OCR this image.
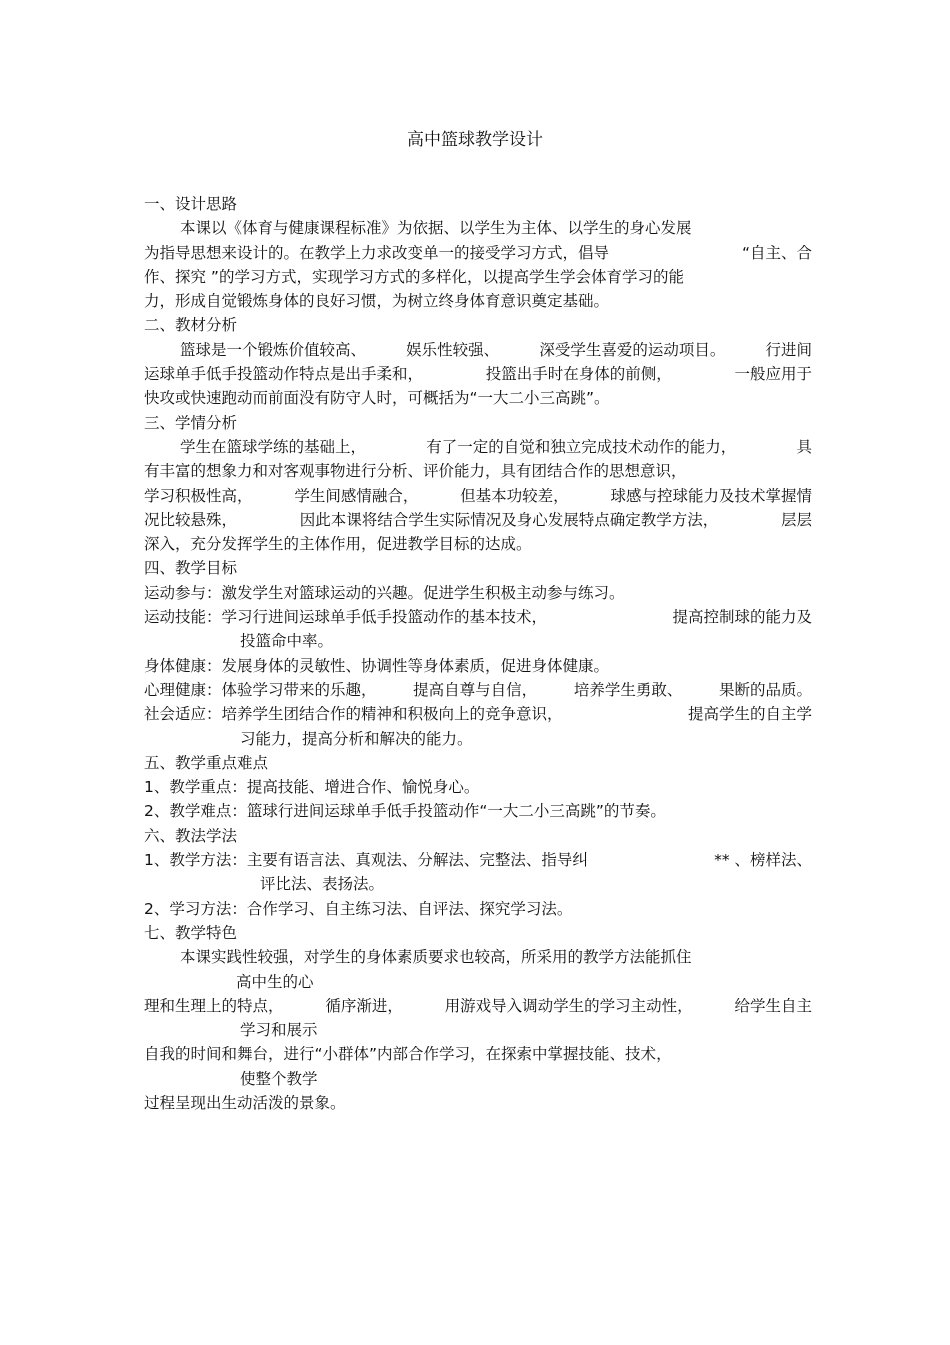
高中篮球教学设计
一、设计思路
本课以《体育与健康课程标准》为依据、以学生为主体、以学生的身心发展
为指导思想来设计的。在教学上力求改变单一的接受学习方式，倡导	“自主、合
作、探究 ”的学习方式，实现学习方式的多样化，以提高学生学会体育学习的能
力，形成自觉锻炼身体的良好习惯，为树立终身体育意识奠定基础。
二、教材分析
篮球是一个锻炼价值较高、	娱乐性较强、	深受学生喜爱的运动项目。	行进间
运球单手低手投篮动作特点是出手柔和，	投篮出手时在身体的前侧，	一般应用于
快攻或快速跑动而前面没有防守人时，可概括为“一大二小三高跳”。
三、学情分析
学生在篮球学练的基础上，	有了一定的自觉和独立完成技术动作的能力，	具
有丰富的想象力和对客观事物进行分析、评价能力，具有团结合作的思想意识，
学习积极性高，	学生间感情融合，	但基本功较差，	球感与控球能力及技术掌握情
况比较悬殊，	因此本课将结合学生实际情况及身心发展特点确定教学方法，	层层
深入，充分发挥学生的主体作用，促进教学目标的达成。
四、教学目标
运动参与：激发学生对篮球运动的兴趣。促进学生积极主动参与练习。
运动技能：学习行进间运球单手低手投篮动作的基本技术，	提高控制球的能力及
投篮命中率。
身体健康：发展身体的灵敏性、协调性等身体素质，促进身体健康。
心理健康：体验学习带来的乐趣， 提高自尊与自信， 培养学生勇敢、 果断的品质。
社会适应：培养学生团结合作的精神和积极向上的竞争意识，	提高学生的自主学
习能力，提高分析和解决的能力。
五、教学重点难点
1、教学重点：提高技能、增进合作、愉悦身心。
2、教学难点：篮球行进间运球单手低手投篮动作“一大二小三高跳”的节奏。
六、教法学法
1、教学方法：主要有语言法、真观法、分解法、完整法、指导纠	** 、榜样法、
评比法、表扬法。
2、学习方法：合作学习、自主练习法、自评法、探究学习法。
七、教学特色
本课实践性较强，对学生的身体素质要求也较高，所采用的教学方法能抓住
高中生的心
理和生理上的特点，	循序渐进，	用游戏导入调动学生的学习主动性，	给学生自主
学习和展示
自我的时间和舞台，进行“小群体”内部合作学习，在探索中掌握技能、技术，
使整个教学
过程呈现出生动活泼的景象。
